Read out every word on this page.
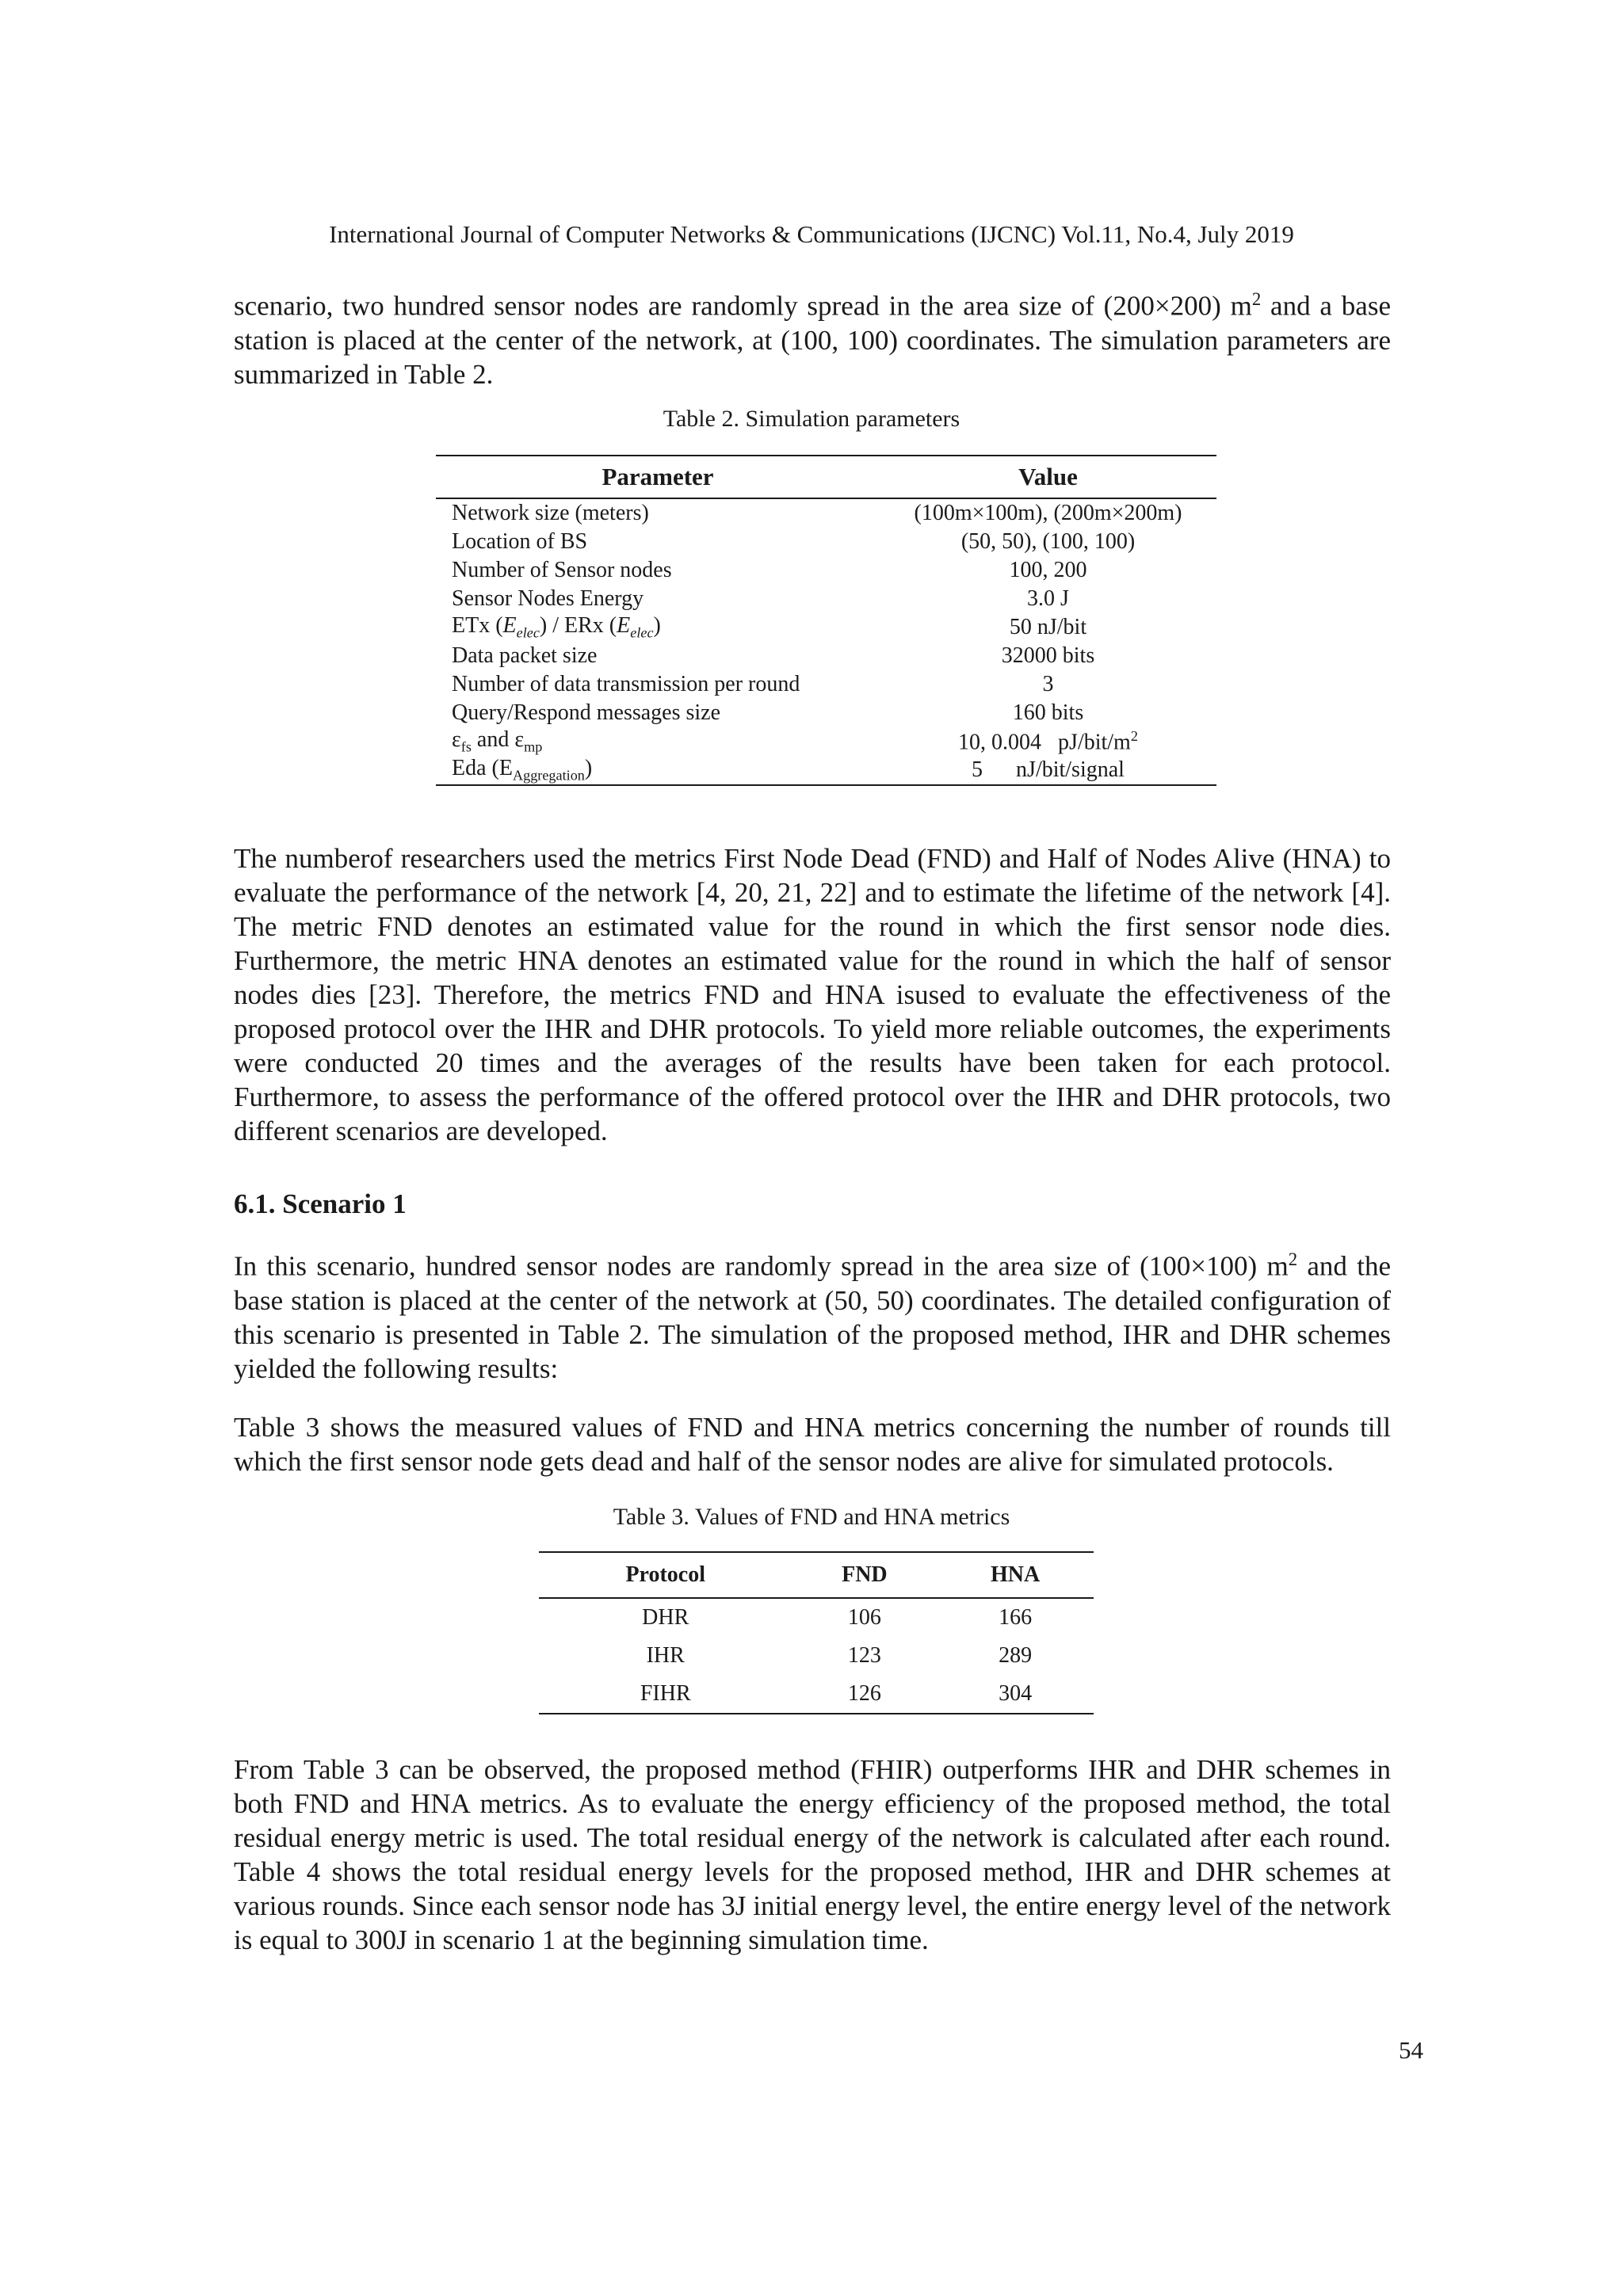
International Journal of Computer Networks & Communications (IJCNC) Vol.11, No.4, July 2019

scenario, two hundred sensor nodes are randomly spread in the area size of (200×200) $m^2$ and a base station is placed at the center of the network, at (100, 100) coordinates. The simulation parameters are summarized in Table 2.

Table 2. Simulation parameters
Parameter	Value
Network size (meters)	(100m×100m), (200m×200m)
Location of BS	(50, 50), (100, 100)
Number of Sensor nodes	100, 200
Sensor Nodes Energy	3.0 J
ETx $(E_{elec})$ / ERx $(E_{elec})$	50 nJ/bit
Data packet size	32000 bits
Number of data transmission per round	3
Query/Respond messages size	160 bits
$\varepsilon_{fs}$ and $\varepsilon_{mp}$	10, 0.004   $pJ/bit/m^2$
Eda $(E_{Aggregation})$	5      nJ/bit/signal

The numberof researchers used the metrics First Node Dead (FND) and Half of Nodes Alive (HNA) to evaluate the performance of the network [4, 20, 21, 22] and to estimate the lifetime of the network [4]. The metric FND denotes an estimated value for the round in which the first sensor node dies. Furthermore, the metric HNA denotes an estimated value for the round in which the half of sensor nodes dies [23]. Therefore, the metrics FND and HNA isused to evaluate the effectiveness of the proposed protocol over the IHR and DHR protocols. To yield more reliable outcomes, the experiments were conducted 20 times and the averages of the results have been taken for each protocol. Furthermore, to assess the performance of the offered protocol over the IHR and DHR protocols, two different scenarios are developed.

6.1. Scenario 1

In this scenario, hundred sensor nodes are randomly spread in the area size of (100×100) $m^2$ and the base station is placed at the center of the network at (50, 50) coordinates. The detailed configuration of this scenario is presented in Table 2. The simulation of the proposed method, IHR and DHR schemes yielded the following results:

Table 3 shows the measured values of FND and HNA metrics concerning the number of rounds till which the first sensor node gets dead and half of the sensor nodes are alive for simulated protocols.

Table 3. Values of FND and HNA metrics
Protocol	FND	HNA
DHR	106	166
IHR	123	289
FIHR	126	304

From Table 3 can be observed, the proposed method (FHIR) outperforms IHR and DHR schemes in both FND and HNA metrics. As to evaluate the energy efficiency of the proposed method, the total residual energy metric is used. The total residual energy of the network is calculated after each round. Table 4 shows the total residual energy levels for the proposed method, IHR and DHR schemes at various rounds. Since each sensor node has 3J initial energy level, the entire energy level of the network is equal to 300J in scenario 1 at the beginning simulation time.

54
